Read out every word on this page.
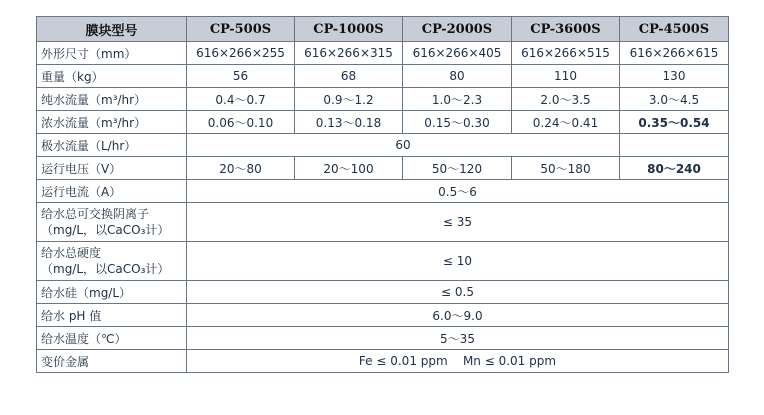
膜块型号	CP-500S	CP-1000S	CP-2000S	CP-3600S	CP-4500S
外形尺寸（mm）	616×266×255	616×266×315	616×266×405	616×266×515	616×266×615
重量（kg）	56	68	80	110	130
纯水流量（m³/hr）	0.4～0.7	0.9～1.2	1.0～2.3	2.0～3.5	3.0～4.5
浓水流量（m³/hr）	0.06～0.10	0.13～0.18	0.15～0.30	0.24～0.41	0.35～0.54
极水流量（L/hr）	60				
运行电压（V）	20～80	20～100	50～120	50～180	80～240
运行电流（A）	0.5～6				

给水总可交换阴离子
（mg/L，以CaCO₃计）	≤ 35				

给水总硬度
（mg/L，以CaCO₃计）	≤ 10				
给水硅（mg/L）	≤ 0.5				
给水 pH 值	6.0～9.0				
给水温度（℃）	5～35				
变价金属	Fe ≤ 0.01 ppm    Mn ≤ 0.01 ppm				
